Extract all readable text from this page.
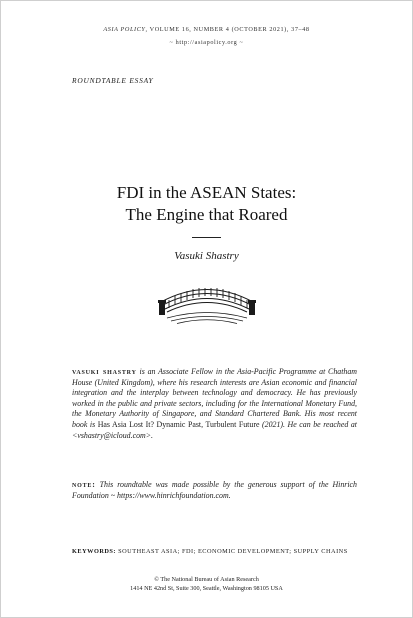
ASIA POLICY, VOLUME 16, NUMBER 4 (OCTOBER 2021), 37–48
~ http://asiapolicy.org ~
ROUNDTABLE ESSAY
FDI in the ASEAN States:
The Engine that Roared
Vasuki Shastry
vasuki shastry is an Associate Fellow in the Asia-Pacific Programme at Chatham House (United Kingdom), where his research interests are Asian economic and financial integration and the interplay between technology and democracy. He has previously worked in the public and private sectors, including for the International Monetary Fund, the Monetary Authority of Singapore, and Standard Chartered Bank. His most recent book is Has Asia Lost It? Dynamic Past, Turbulent Future (2021). He can be reached at <vshastry@icloud.com>.
note: This roundtable was made possible by the generous support of the Hinrich Foundation ~ https://www.hinrichfoundation.com.
KEYWORDS: SOUTHEAST ASIA; FDI; ECONOMIC DEVELOPMENT; SUPPLY CHAINS
© The National Bureau of Asian Research
1414 NE 42nd St, Suite 300, Seattle, Washington 98105 USA
